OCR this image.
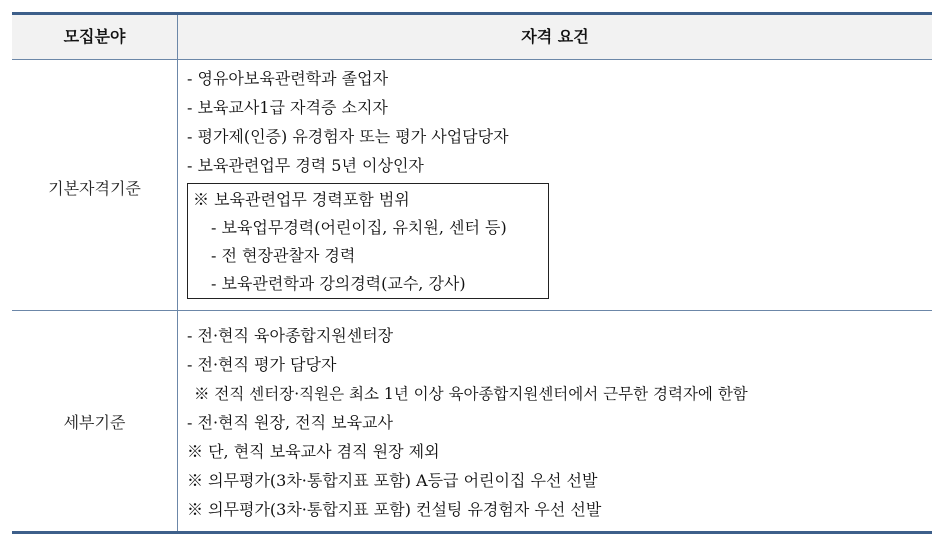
모집분야	자격 요건
기본자격기준
- 영유아보육관련학과 졸업자
- 보육교사1급 자격증 소지자
- 평가제(인증) 유경험자 또는 평가 사업담당자
- 보육관련업무 경력 5년 이상인자
※ 보육관련업무 경력포함 범위
- 보육업무경력(어린이집, 유치원, 센터 등)
- 전 현장관찰자 경력
- 보육관련학과 강의경력(교수, 강사)
세부기준
- 전·현직 육아종합지원센터장
- 전·현직 평가 담당자
※ 전직 센터장·직원은 최소 1년 이상 육아종합지원센터에서 근무한 경력자에 한함
- 전·현직 원장, 전직 보육교사
※ 단, 현직 보육교사 겸직 원장 제외
※ 의무평가(3차·통합지표 포함) A등급 어린이집 우선 선발
※ 의무평가(3차·통합지표 포함) 컨설팅 유경험자 우선 선발
